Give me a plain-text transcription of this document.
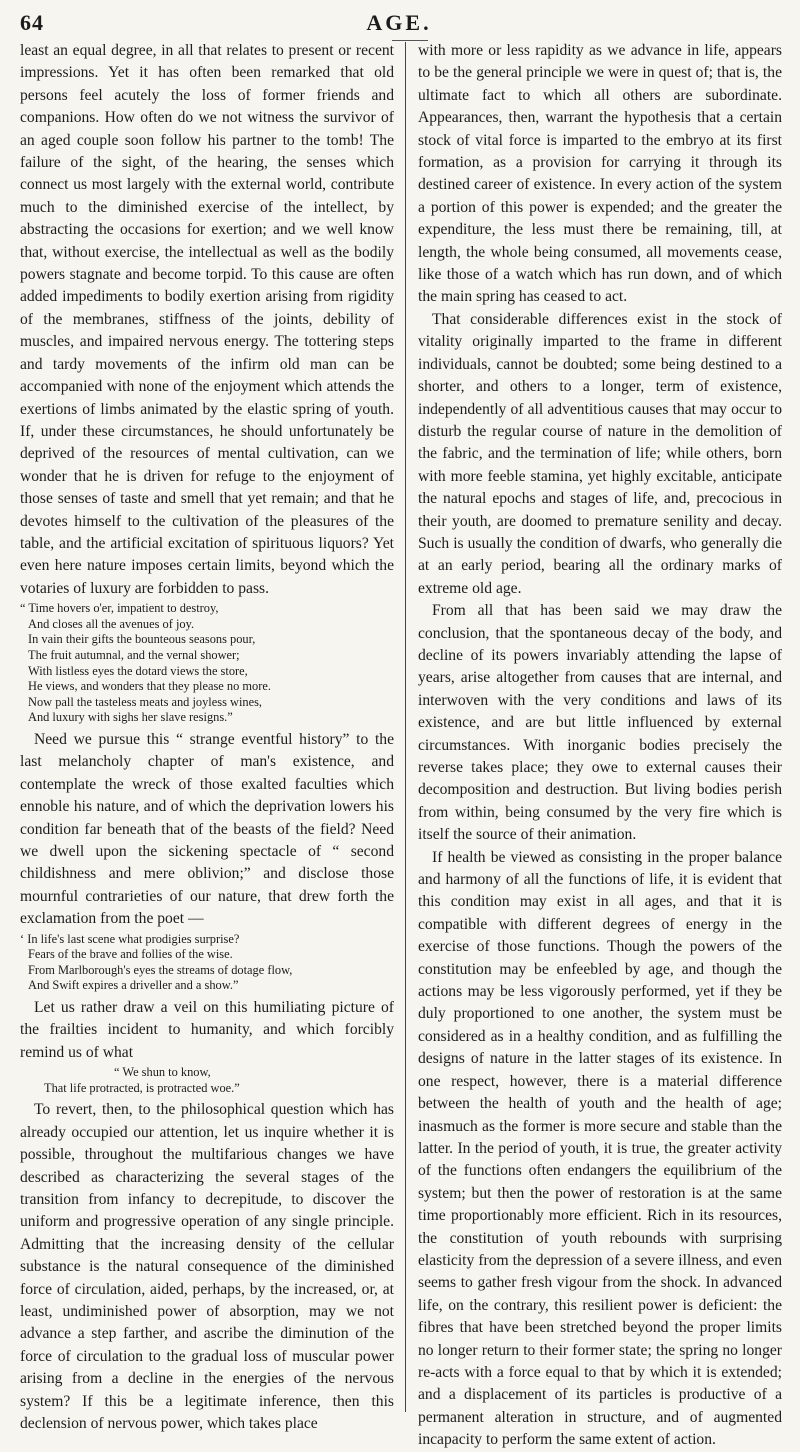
64	AGE.

least an equal degree, in all that relates to present or recent impressions. Yet it has often been remarked that old persons feel acutely the loss of former friends and companions. How often do we not witness the survivor of an aged couple soon follow his partner to the tomb! The failure of the sight, of the hearing, the senses which connect us most largely with the external world, contribute much to the diminished exercise of the intellect, by abstracting the occasions for exertion; and we well know that, without exercise, the intellectual as well as the bodily powers stagnate and become torpid. To this cause are often added impediments to bodily exertion arising from rigidity of the membranes, stiffness of the joints, debility of muscles, and impaired nervous energy. The tottering steps and tardy movements of the infirm old man can be accompanied with none of the enjoyment which attends the exertions of limbs animated by the elastic spring of youth. If, under these circumstances, he should unfortunately be deprived of the resources of mental cultivation, can we wonder that he is driven for refuge to the enjoyment of those senses of taste and smell that yet remain; and that he devotes himself to the cultivation of the pleasures of the table, and the artificial excitation of spirituous liquors? Yet even here nature imposes certain limits, beyond which the votaries of luxury are forbidden to pass.

“ Time hovers o'er, impatient to destroy,
And closes all the avenues of joy.
In vain their gifts the bounteous seasons pour,
The fruit autumnal, and the vernal shower;
With listless eyes the dotard views the store,
He views, and wonders that they please no more.
Now pall the tasteless meats and joyless wines,
And luxury with sighs her slave resigns.”

Need we pursue this “ strange eventful history” to the last melancholy chapter of man's existence, and contemplate the wreck of those exalted faculties which ennoble his nature, and of which the deprivation lowers his condition far beneath that of the beasts of the field? Need we dwell upon the sickening spectacle of “ second childishness and mere oblivion;” and disclose those mournful contrarieties of our nature, that drew forth the exclamation from the poet —

‘ In life's last scene what prodigies surprise?
Fears of the brave and follies of the wise.
From Marlborough's eyes the streams of dotage flow,
And Swift expires a driveller and a show.”

Let us rather draw a veil on this humiliating picture of the frailties incident to humanity, and which forcibly remind us of what

“ We shun to know,
That life protracted, is protracted woe.”

To revert, then, to the philosophical question which has already occupied our attention, let us inquire whether it is possible, throughout the multifarious changes we have described as characterizing the several stages of the transition from infancy to decrepitude, to discover the uniform and progressive operation of any single principle. Admitting that the increasing density of the cellular substance is the natural consequence of the diminished force of circulation, aided, perhaps, by the increased, or, at least, undiminished power of absorption, may we not advance a step farther, and ascribe the diminution of the force of circulation to the gradual loss of muscular power arising from a decline in the energies of the nervous system? If this be a legitimate inference, then this declension of nervous power, which takes place

with more or less rapidity as we advance in life, appears to be the general principle we were in quest of; that is, the ultimate fact to which all others are subordinate. Appearances, then, warrant the hypothesis that a certain stock of vital force is imparted to the embryo at its first formation, as a provision for carrying it through its destined career of existence. In every action of the system a portion of this power is expended; and the greater the expenditure, the less must there be remaining, till, at length, the whole being consumed, all movements cease, like those of a watch which has run down, and of which the main spring has ceased to act.

That considerable differences exist in the stock of vitality originally imparted to the frame in different individuals, cannot be doubted; some being destined to a shorter, and others to a longer, term of existence, independently of all adventitious causes that may occur to disturb the regular course of nature in the demolition of the fabric, and the termination of life; while others, born with more feeble stamina, yet highly excitable, anticipate the natural epochs and stages of life, and, precocious in their youth, are doomed to premature senility and decay. Such is usually the condition of dwarfs, who generally die at an early period, bearing all the ordinary marks of extreme old age.

From all that has been said we may draw the conclusion, that the spontaneous decay of the body, and decline of its powers invariably attending the lapse of years, arise altogether from causes that are internal, and interwoven with the very conditions and laws of its existence, and are but little influenced by external circumstances. With inorganic bodies precisely the reverse takes place; they owe to external causes their decomposition and destruction. But living bodies perish from within, being consumed by the very fire which is itself the source of their animation.

If health be viewed as consisting in the proper balance and harmony of all the functions of life, it is evident that this condition may exist in all ages, and that it is compatible with different degrees of energy in the exercise of those functions. Though the powers of the constitution may be enfeebled by age, and though the actions may be less vigorously performed, yet if they be duly proportioned to one another, the system must be considered as in a healthy condition, and as fulfilling the designs of nature in the latter stages of its existence. In one respect, however, there is a material difference between the health of youth and the health of age; inasmuch as the former is more secure and stable than the latter. In the period of youth, it is true, the greater activity of the functions often endangers the equilibrium of the system; but then the power of restoration is at the same time proportionably more efficient. Rich in its resources, the constitution of youth rebounds with surprising elasticity from the depression of a severe illness, and even seems to gather fresh vigour from the shock. In advanced life, on the contrary, this resilient power is deficient: the fibres that have been stretched beyond the proper limits no longer return to their former state; the spring no longer re-acts with a force equal to that by which it is extended; and a displacement of its particles is productive of a permanent alteration in structure, and of augmented incapacity to perform the same extent of action.
